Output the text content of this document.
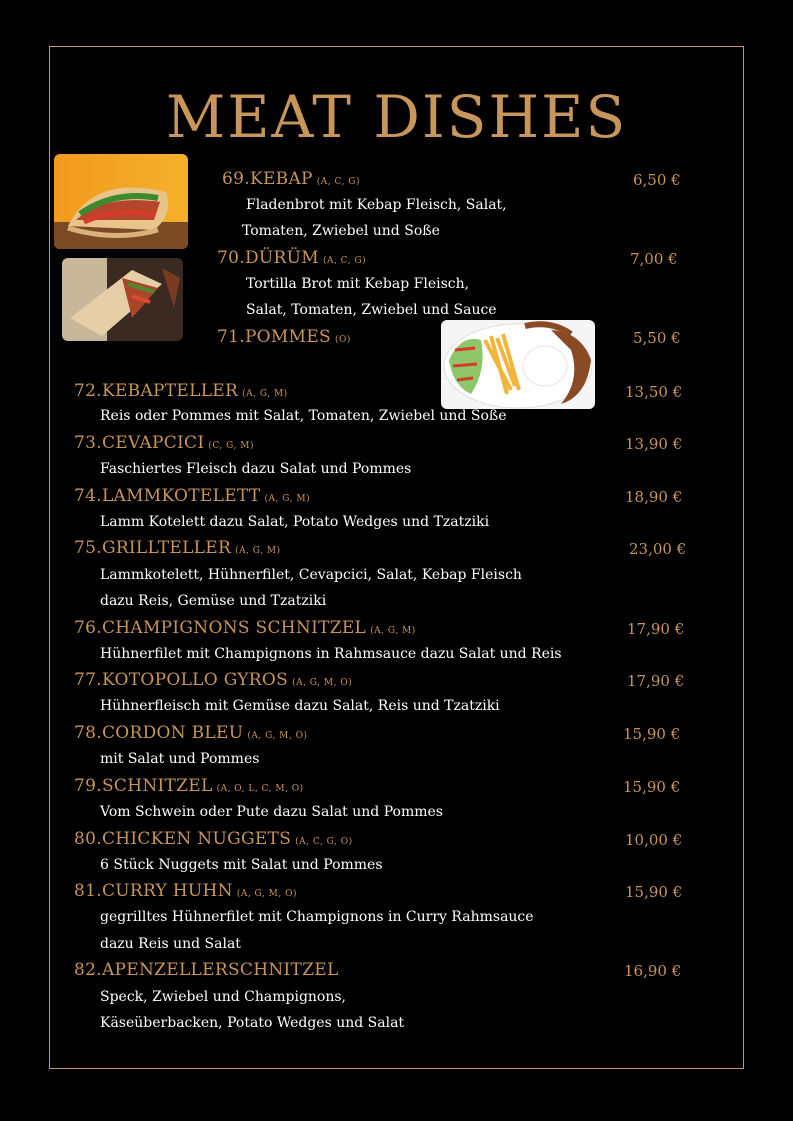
MEAT DISHES
69.KEBAP (A, C, G)	6,50 €
Fladenbrot mit Kebap Fleisch, Salat,
Tomaten, Zwiebel und Soße
70.DÜRÜM (A, C, G)	7,00 €
Tortilla Brot mit Kebap Fleisch,
Salat, Tomaten, Zwiebel und Sauce
71.POMMES (O)	5,50 €
72.KEBAPTELLER (A, G, M)	13,50 €
Reis oder Pommes mit Salat, Tomaten, Zwiebel und Soße
73.CEVAPCICI (C, G, M)	13,90 €
Faschiertes Fleisch dazu Salat und Pommes
74.LAMMKOTELETT (A, G, M)	18,90 €
Lamm Kotelett dazu Salat, Potato Wedges und Tzatziki
75.GRILLTELLER (A, G, M)	23,00 €
Lammkotelett, Hühnerfilet, Cevapcici, Salat, Kebap Fleisch
dazu Reis, Gemüse und Tzatziki
76.CHAMPIGNONS SCHNITZEL (A, G, M)	17,90 €
Hühnerfilet mit Champignons in Rahmsauce dazu Salat und Reis
77.KOTOPOLLO GYROS (A, G, M, O)	17,90 €
Hühnerfleisch mit Gemüse dazu Salat, Reis und Tzatziki
78.CORDON BLEU (A, G, M, O)	15,90 €
mit Salat und Pommes
79.SCHNITZEL (A, O, L, C, M, O)	15,90 €
Vom Schwein oder Pute dazu Salat und Pommes
80.CHICKEN NUGGETS (A, C, G, O)	10,00 €
6 Stück Nuggets mit Salat und Pommes
81.CURRY HUHN (A, G, M, O)	15,90 €
gegrilltes Hühnerfilet mit Champignons in Curry Rahmsauce
dazu Reis und Salat
82.APENZELLERSCHNITZEL	16,90 €
Speck, Zwiebel und Champignons,
Käseüberbacken, Potato Wedges und Salat
